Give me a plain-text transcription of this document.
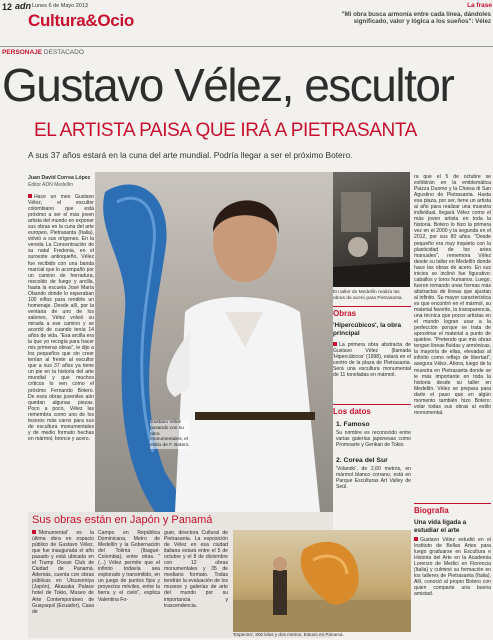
12 adn Lunes 6 de Mayo 2013
Cultura&Ocio
La frase
"Mi obra busca armonía entre cada línea, dándoles significado, valor y lógica a los sueños": Vélez
PERSONAJE DESTACADO
Gustavo Vélez, escultor
EL ARTISTA PAISA QUE IRÁ A PIETRASANTA
A sus 37 años estará en la cuna del arte mundial. Podría llegar a ser el próximo Botero.
Juan David Correa López
Editor ADN Medellín
Hace un mes Gustavo Vélez, el escultor colombiano que está próximo a ser el más joven artista del mundo en exponer sus obras en la cuna del arte europeo, Pietrasanta (Italia), volvió a sus orígenes. En la vereda La Concentración de su natal Fredonia, en el suroeste antioqueño, Vélez fue recibido con una banda marcial que lo acompañó por un camino de herradura, rescoldo de fuego y arcilla, hasta la escuela José María Obando donde lo esperaban 100 niños para rendirle un homenaje. Desde allí, por la ventana de uno de los salones, Vélez volvió su mirada a ese camino y se acordó de cuando tenía 14 años de vida. "Esa arcilla era la que yo recogía para hacer mis primeras obras", le dijo a los pequeños que sin creer tenían al frente al escultor que a sus 37 años ya tiene un pie en la historia del arte mundial y que muchos críticos lo ven como el próximo Fernando Botero. De esos obras juveniles aún quedan algunas piezas. Poco a poco, Vélez las remembra como uno de los tesoros más caros para sus de escultura monumentales y de medio formato hechas en mármol, bronce y acero.
Gustavo Vélez posando con su obra monumentales, el estilo de F. Botero.
En taller de Medellín realiza las obras de acero para Pietrasanta.
Obras
'Hipercúbicos', la obra principal
La primera obra abstracta de Gustavo Vélez (llamada 'Hipercúbicos' (1998), estará en el centro de la plaza de Pietrasanta. Será una escultura monumental de 11 toneladas en mármol.
Los datos
1. Famoso
Su nombre es reconocido entre varias galerías japonesas como Promoarte y Genkan de Tokio.
2. Corea del Sur
'Volando', de 2,60 metros, en mármol blanco corrano, está en Parque Esculturas Art Valley de Seúl.
ra que el 5 de octubre se exhibirán en la emblemática Piazza Duomo y la Chiesa di San Agustino de Pietrasanta. Hasta esa plaza, por ser, tiene un artista al año para realizar una muestra individual, llegará Vélez como el más joven artista en toda la historia. Botero lo hizo la primera vez en el 2000 y la segunda en el 2012, por sus 80 años. "Desde pequeño era muy inquieto con la plasticidad de los artes manuales", rememora Vélez desde su taller en Medellín donde hace las obras de acero. En sus inicios se inclinó fue figurativo: caballos y toros humanos. Luego, fueron tomando unas formas más abstractas de líneas que ajustan al infinito. Su mayor característica es que encontró en el mármol, su material favorito, la transparencia, una técnica que pocos artistas en el mundo logran usar a la perfección porque se trata de aproximar el material a punto de quiebre. "Pretendo que mis obras tengan líneas fluidas y armónicas, la mayoría de ellas, elevadas al infinito como reflejo de libertad", asegura Vélez. Ahora, luego de la muestra en Pietrasanta donde se le más importante en toda la historia desde su taller en Medellín. Vélez se prepara para darle el paso que en algún momento también hizo Botero: volar todas sus obras al estilo monumental.
Biografía
Una vida ligada a estudiar el arte
Gustavo Vélez estudió en el Instituto de Bellas Artes para luego graduarse en Escultura e Historia del Arte en la Academia Lorenzo de Medici en Florencia (Italia) y culminó su formación en los talleres de Pietrasanta (Italia). Allí, conoció al propio Botero con quien comparte una buena amistad.
Sus obras están en Japón y Panamá
'Monumental' es la última obra en espacio público de Gustavo Vélez, que fue inaugurada el año pasado y está ubicada en el Trump Ocean Club de Ciudad de Panamá. Además, cuenta con obras públicas en Utsunomiya (Japón), Akasaka Palace hotel de Tokio, Museo de Arte Contemporáneo de Guayaquil (Ecuador), Casa de
Campo en República Dominicana, Metro de Medellín y la Gobernación del Tolima (Ibagué-Colombia), entre otras. "(...) Vélez permite que el infinito todavía sea explorado y transmitido, en un juego de puntos fijos y proyectos móviles, entre la tierra y el cielo", explica Valentina Fo-
guer, directora Cultural de Pietrasanta. La exposición de Vélez en esa ciudad italiana estará entre el 5 de octubre y el 8 de diciembre con 12 obras monumentales y 35 de mediano formato. Todas tendrán la evaluación de los museos y galerías de arte del mundo por su importancia y trascendencia.
'Espectro', 800 kilos y dos metros. Estuvo en Panamá.
